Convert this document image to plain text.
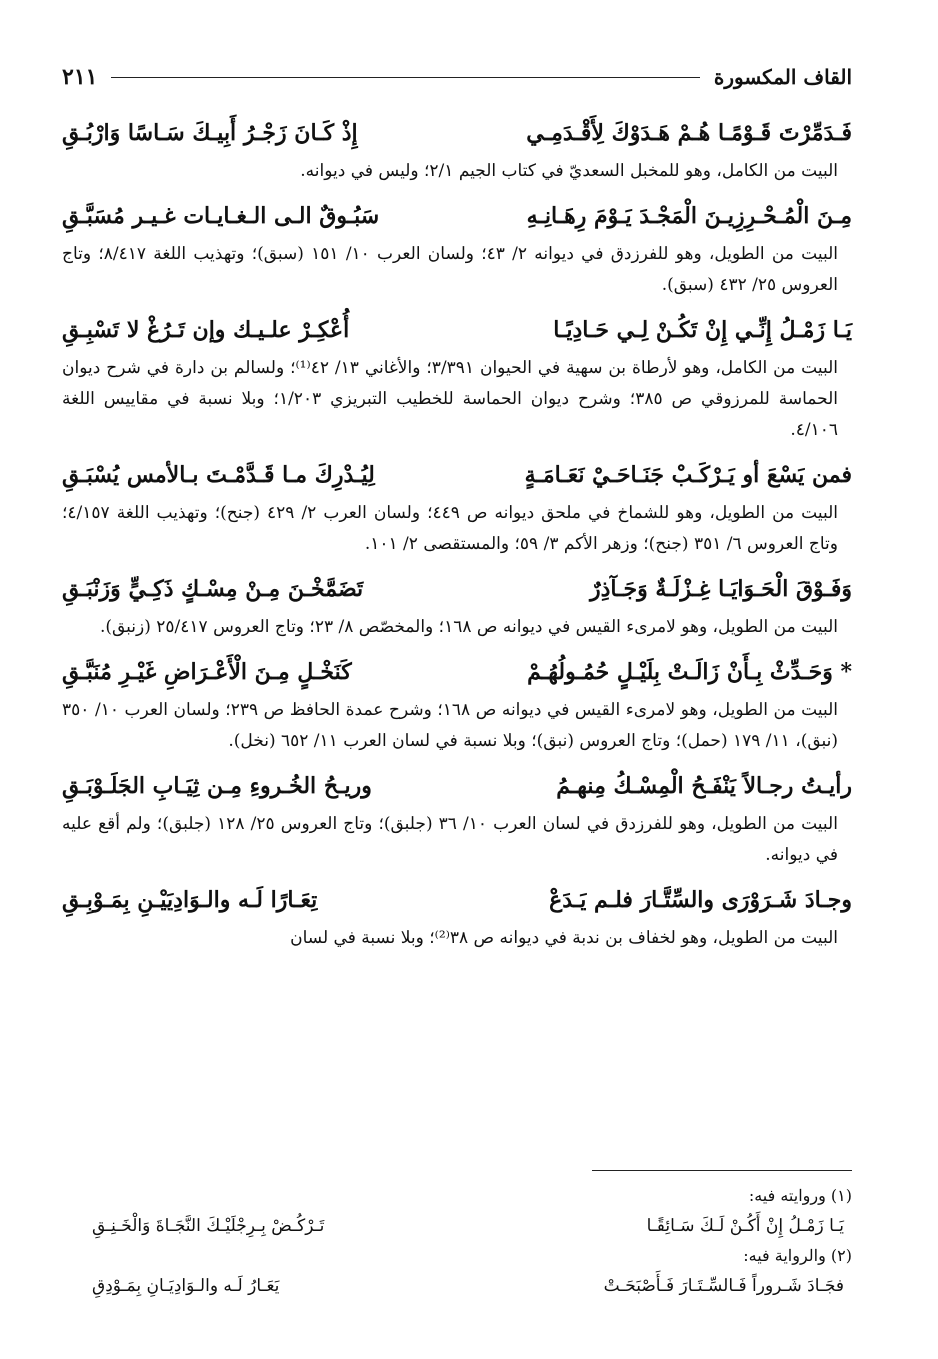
القاف المكسورة
٢١١
فَـدَمِّرْتَ قَـوْمًـا هُـمْ هَـدَوْكَ لِأَقْـدَمِـي
إِذْ كَـانَ زَجْـرُ أَبِيـكَ سَـاسًا وَارْبُـقِ
البيت من الكامل، وهو للمخبل السعديّ في كتاب الجيم ٢/١؛ وليس في ديوانه.
مِـنَ الْمُـحْـرِزِيـنَ الْمَجْـدَ يَـوْمَ رِهَـانِـهِ
سَبُـوقٌ الـى الـغـايـات غـيـر مُسَبَّـقِ
البيت من الطويل، وهو للفرزدق في ديوانه ٢/ ٤٣؛ ولسان العرب ١٠/ ١٥١ (سبق)؛ وتهذيب اللغة ٨/٤١٧؛ وتاج العروس ٢٥/ ٤٣٢ (سبق).
يَـا زَمْـلُ إِنِّـي إِنْ تَكُـنْ لِـي حَـادِيًـا
أُعْكِـرْ علـيـك وإن تَـرُغْ لا تَسْبِـقِ
البيت من الكامل، وهو لأرطاة بن سهية في الحيوان ٣/٣٩١؛ والأغاني ١٣/ ٤٢⁽¹⁾؛ ولسالم بن دارة في شرح ديوان الحماسة للمرزوقي ص ٣٨٥؛ وشرح ديوان الحماسة للخطيب التبريزي ١/٢٠٣؛ وبلا نسبة في مقاييس اللغة ٤/١٠٦.
فمن يَسْعَ أو يَـرْكَـبْ جَنَـاحَـيْ نَعَـامَـةٍ
لِيُـدْرِكَ مـا قَـدَّمْـتَ بـالأمس يُسْبَـقِ
البيت من الطويل، وهو للشماخ في ملحق ديوانه ص ٤٤٩؛ ولسان العرب ٢/ ٤٢٩ (جنح)؛ وتهذيب اللغة ٤/١٥٧؛ وتاج العروس ٦/ ٣٥١ (جنح)؛ وزهر الأكم ٣/ ٥٩؛ والمستقصى ٢/ ١٠١.
وَفَـوْقَ الْحَـوَايَـا غِـزْلَـةٌ وَجَـآذِرٌ
تَضَمَّخْـنَ مِـنْ مِسْـكٍ ذَكِـيٍّ وَزَنْبَـقِ
البيت من الطويل، وهو لامرىء القيس في ديوانه ص ١٦٨؛ والمخصّص ٨/ ٢٣؛ وتاج العروس ٢٥/٤١٧ (زنبق).
* وَحَـدِّثْ بِـأَنْ زَالَـتْ بِلَيْـلٍ حُمُـولُهُـمْ
كَنَخْـلٍ مِـنَ الْأَعْـرَاضِ غَيْـرِ مُنَبَّـقِ
البيت من الطويل، وهو لامرىء القيس في ديوانه ص ١٦٨؛ وشرح عمدة الحافظ ص ٢٣٩؛ ولسان العرب ١٠/ ٣٥٠ (نبق)، ١١/ ١٧٩ (حمل)؛ وتاج العروس (نبق)؛ وبلا نسبة في لسان العرب ١١/ ٦٥٢ (نخل).
رأيـتُ رجـالاً يَنْفَـحُ الْمِسْـكُ مِنهـمُ
وريـحُ الخُـروءِ مِـن ثِيَـابِ الجَلَـوْبَـقِ
البيت من الطويل، وهو للفرزدق في لسان العرب ١٠/ ٣٦ (جلبق)؛ وتاج العروس ٢٥/ ١٢٨ (جلبق)؛ ولم أقع عليه في ديوانه.
وجـادَ شَـرَوْرَى والسِّتَّـارَ فلـم يَـدَعْ
تِعَـارًا لَـه والـوَادِيَيْـنِ بِمَـوْبِـقِ
البيت من الطويل، وهو لخفاف بن ندبة في ديوانه ص ٣٨⁽²⁾؛ وبلا نسبة في لسان
(١) وروايته فيه:
يَـا زَمْـلُ إِنْ أَكُـنْ لَـكَ سَـائِقًـا
تَـرْكُـضْ بِـرِجْلَيْـكَ النَّجَـاةَ وَالْخَـنِـقِ
(٢) والرواية فيه:
فجَـادَ شَـروراً فَـالسِّـتَـارَ فَـأَصْبَحَـتْ
يَعَـارُ لَـه والـوَادِيَـانِ بِمَـوْدِقِ
